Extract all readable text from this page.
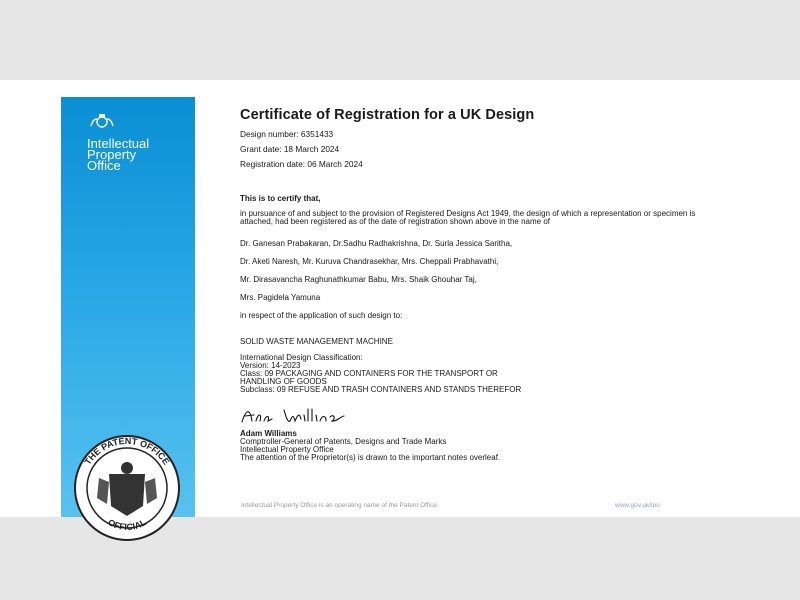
Intellectual
Property
Office
THE PATENT OFFICE
OFFICIAL
Certificate of Registration for a UK Design
Design number: 6351433
Grant date: 18 March 2024
Registration date: 06 March 2024
This is to certify that,
in pursuance of and subject to the provision of Registered Designs Act 1949, the design of which a representation or specimen is attached, had been registered as of the date of registration shown above in the name of
Dr. Ganesan Prabakaran, Dr.Sadhu Radhakrishna, Dr. Surla Jessica Saritha,
Dr. Aketi Naresh, Mr. Kuruva Chandrasekhar, Mrs. Cheppali Prabhavathi,
Mr. Dirasavancha Raghunathkumar Babu, Mrs. Shaik Ghouhar Taj,
Mrs. Pagidela Yamuna
in respect of the application of such design to:
SOLID WASTE MANAGEMENT MACHINE
International Design Classification:
Version: 14-2023
Class: 09 PACKAGING AND CONTAINERS FOR THE TRANSPORT OR
HANDLING OF GOODS
Subclass: 09 REFUSE AND TRASH CONTAINERS AND STANDS THEREFOR
Adam Williams
Comptroller-General of Patents, Designs and Trade Marks
Intellectual Property Office
The attention of the Proprietor(s) is drawn to the important notes overleaf.
Intellectual Property Office is an operating name of the Patent Office	www.gov.uk/ipo
